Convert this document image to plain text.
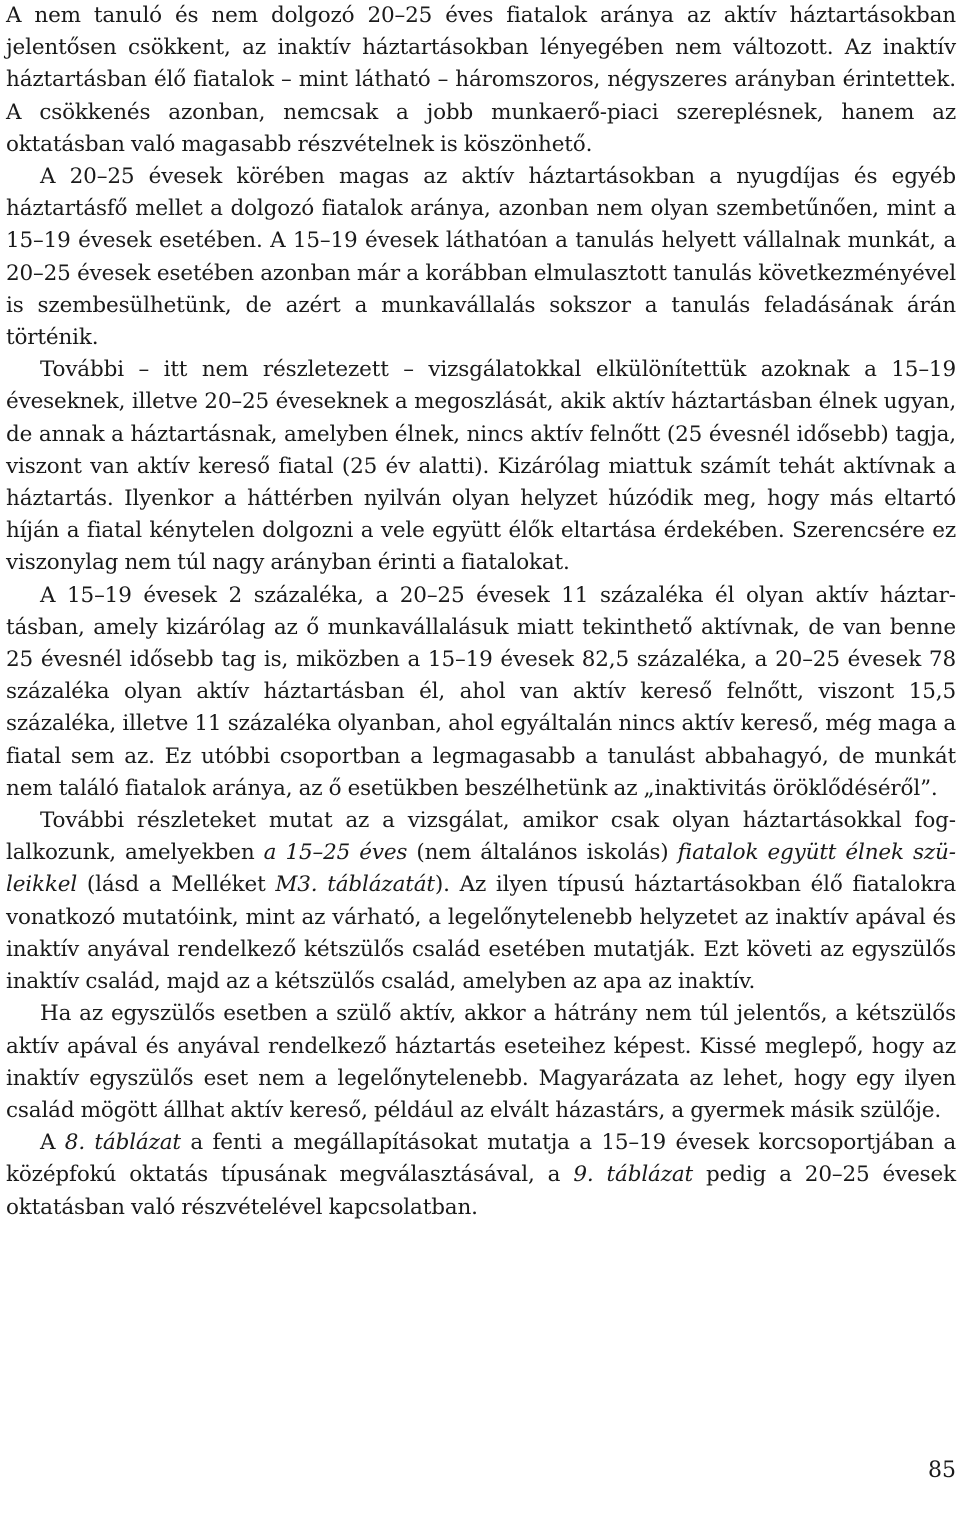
A nem tanuló és nem dolgozó 20–25 éves fiatalok aránya az aktív háztartásokban jelentősen csökkent, az inaktív háztartásokban lényegében nem változott. Az inaktív háztartásban élő fiatalok – mint látható – háromszoros, négyszeres arányban érintettek. A csökkenés azonban, nemcsak a jobb munkaerő-piaci szereplésnek, hanem az oktatásban való magasabb részvételnek is köszönhető.

A 20–25 évesek körében magas az aktív háztartásokban a nyugdíjas és egyéb háztartásfő mellet a dolgozó fiatalok aránya, azonban nem olyan szembetűnően, mint a 15–19 évesek esetében. A 15–19 évesek láthatóan a tanulás helyett vállalnak munkát, a 20–25 évesek esetében azonban már a korábban elmulasztott tanulás következményével is szembesülhetünk, de azért a munkavállalás sokszor a tanulás feladásának árán történik.

További – itt nem részletezett – vizsgálatokkal elkülönítettük azoknak a 15–19 éveseknek, illetve 20–25 éveseknek a megoszlását, akik aktív háztartásban élnek ugyan, de annak a háztartásnak, amelyben élnek, nincs aktív felnőtt (25 évesnél idősebb) tagja, viszont van aktív kereső fiatal (25 év alatti). Kizárólag miattuk számít tehát aktívnak a háztartás. Ilyenkor a háttérben nyilván olyan helyzet húzódik meg, hogy más eltartó híján a fiatal kénytelen dolgozni a vele együtt élők eltartása érdekében. Szerencsére ez viszonylag nem túl nagy arányban érinti a fiatalokat.

A 15–19 évesek 2 százaléka, a 20–25 évesek 11 százaléka él olyan aktív háztartásban, amely kizárólag az ő munkavállalásuk miatt tekinthető aktívnak, de van benne 25 évesnél idősebb tag is, miközben a 15–19 évesek 82,5 százaléka, a 20–25 évesek 78 százaléka olyan aktív háztartásban él, ahol van aktív kereső felnőtt, viszont 15,5 százaléka, illetve 11 százaléka olyanban, ahol egyáltalán nincs aktív kereső, még maga a fiatal sem az. Ez utóbbi csoportban a legmagasabb a tanulást abbahagyó, de munkát nem találó fiatalok aránya, az ő esetükben beszélhetünk az „inaktivitás öröklődéséről”.

További részleteket mutat az a vizsgálat, amikor csak olyan háztartásokkal foglalkozunk, amelyekben a 15–25 éves (nem általános iskolás) fiatalok együtt élnek szüleikkel (lásd a Melléket M3. táblázatát). Az ilyen típusú háztartásokban élő fiatalokra vonatkozó mutatóink, mint az várható, a legelőnytelenebb helyzetet az inaktív apával és inaktív anyával rendelkező kétszülős család esetében mutatják. Ezt követi az egyszülős inaktív család, majd az a kétszülős család, amelyben az apa az inaktív.

Ha az egyszülős esetben a szülő aktív, akkor a hátrány nem túl jelentős, a kétszülős aktív apával és anyával rendelkező háztartás eseteihez képest. Kissé meglepő, hogy az inaktív egyszülős eset nem a legelőnytelenebb. Magyarázata az lehet, hogy egy ilyen család mögött állhat aktív kereső, például az elvált házastárs, a gyermek másik szülője.

A 8. táblázat a fenti a megállapításokat mutatja a 15–19 évesek korcsoportjában a középfokú oktatás típusának megválasztásával, a 9. táblázat pedig a 20–25 évesek oktatásban való részvételével kapcsolatban.

85
